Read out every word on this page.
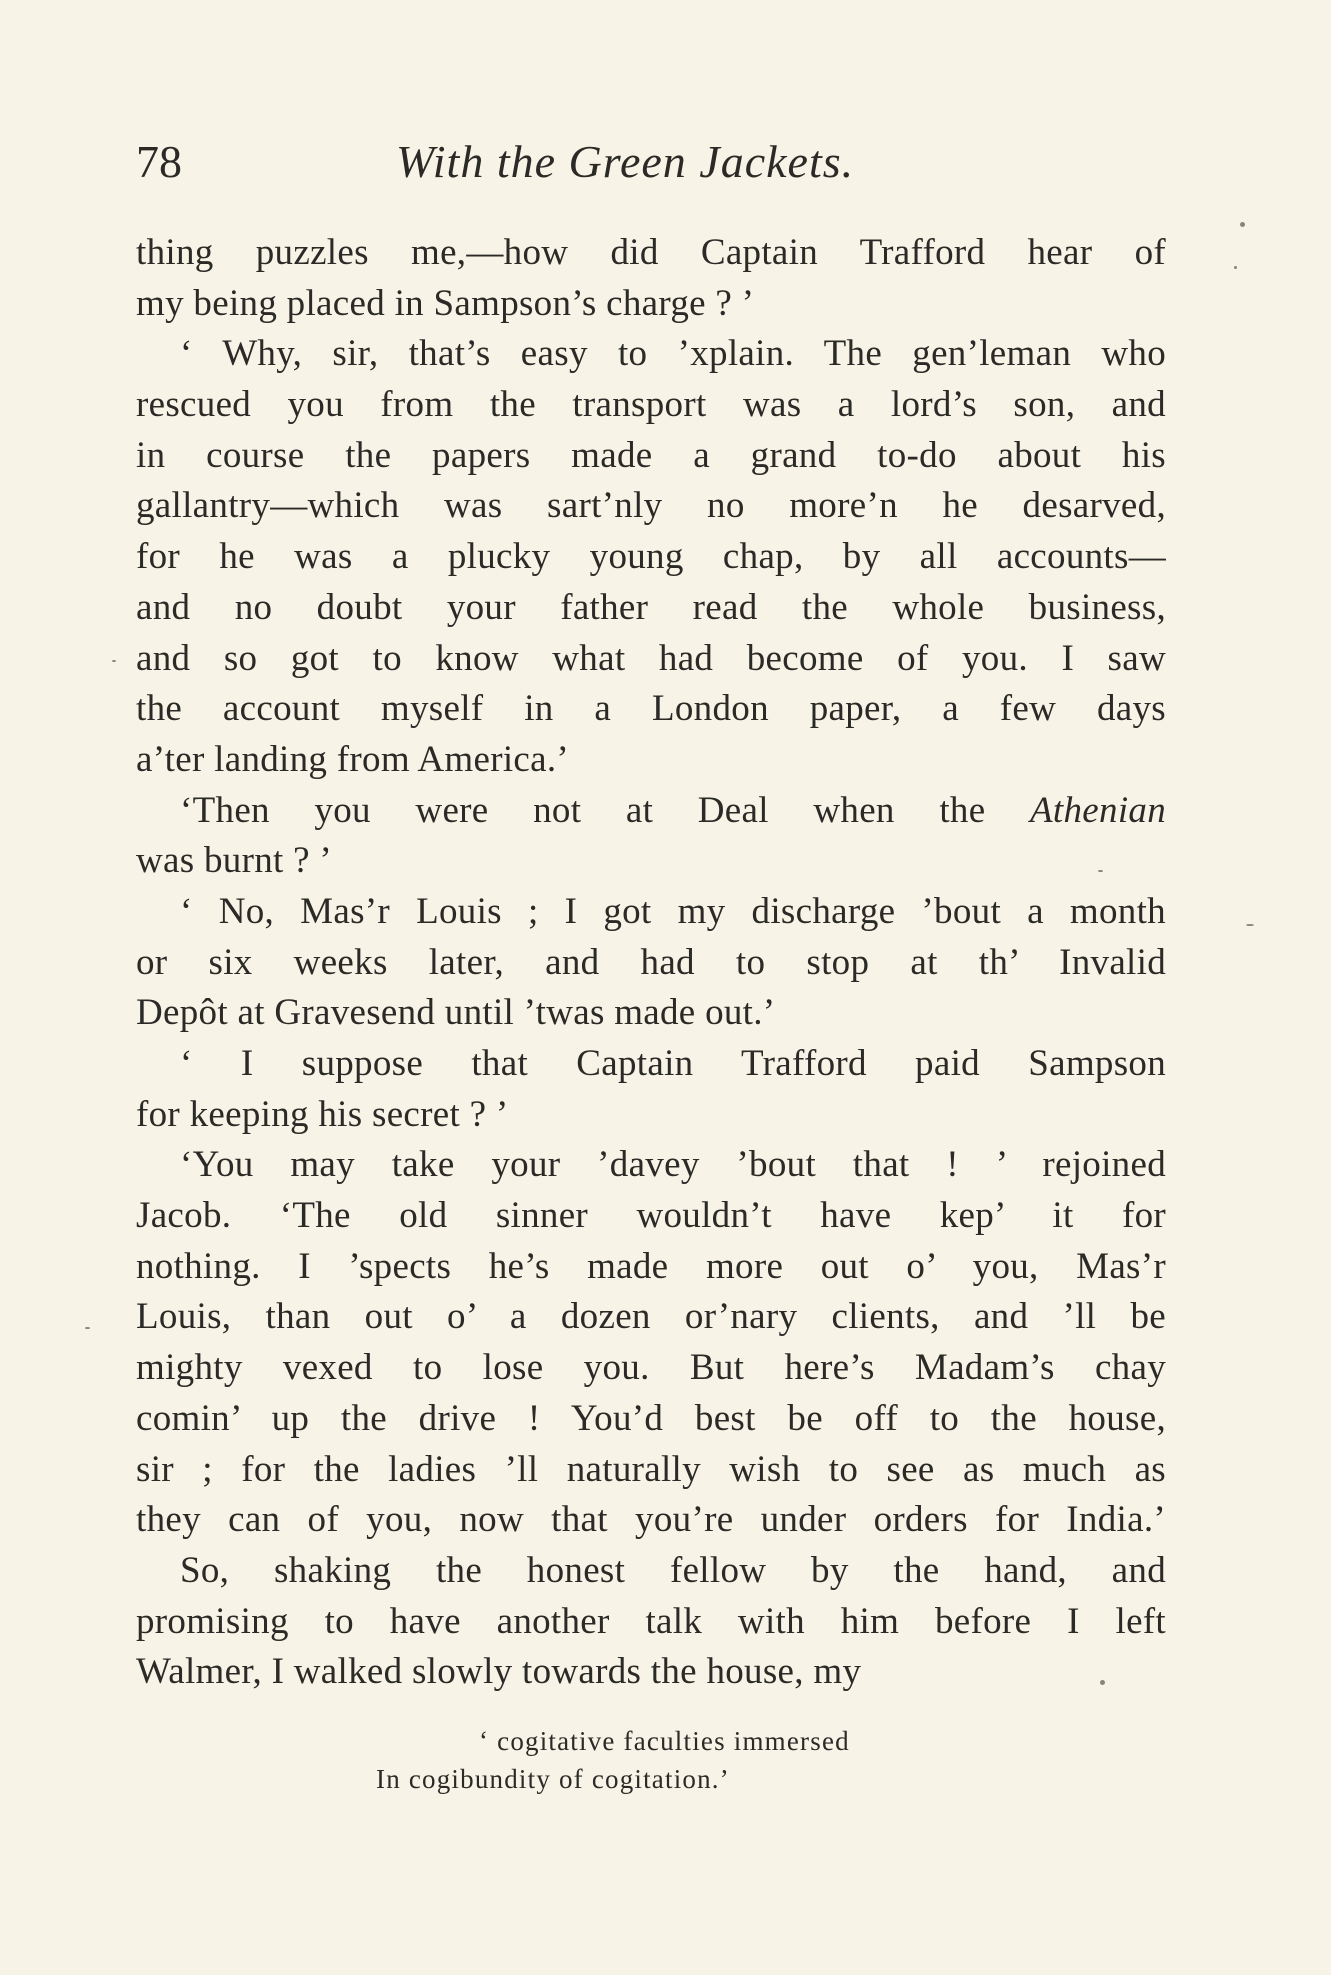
78	With the Green Jackets.
thing puzzles me,—how did Captain Trafford hear of
my being placed in Sampson’s charge ? ’
‘ Why, sir, that’s easy to ’xplain. The gen’leman who
rescued you from the transport was a lord’s son, and
in course the papers made a grand to-do about his
gallantry—which was sart’nly no more’n he desarved,
for he was a plucky young chap, by all accounts—
and no doubt your father read the whole business,
and so got to know what had become of you. I saw
the account myself in a London paper, a few days
a’ter landing from America.’
‘Then you were not at Deal when the Athenian
was burnt ? ’
‘ No, Mas’r Louis ; I got my discharge ’bout a month
or six weeks later, and had to stop at th’ Invalid
Depôt at Gravesend until ’twas made out.’
‘ I suppose that Captain Trafford paid Sampson
for keeping his secret ? ’
‘You may take your ’davey ’bout that ! ’ rejoined
Jacob. ‘The old sinner wouldn’t have kep’ it for
nothing. I ’spects he’s made more out o’ you, Mas’r
Louis, than out o’ a dozen or’nary clients, and ’ll be
mighty vexed to lose you. But here’s Madam’s chay
comin’ up the drive ! You’d best be off to the house,
sir ; for the ladies ’ll naturally wish to see as much as
they can of you, now that you’re under orders for India.’
So, shaking the honest fellow by the hand, and
promising to have another talk with him before I left
Walmer, I walked slowly towards the house, my
‘ cogitative faculties immersed
In cogibundity of cogitation.’
